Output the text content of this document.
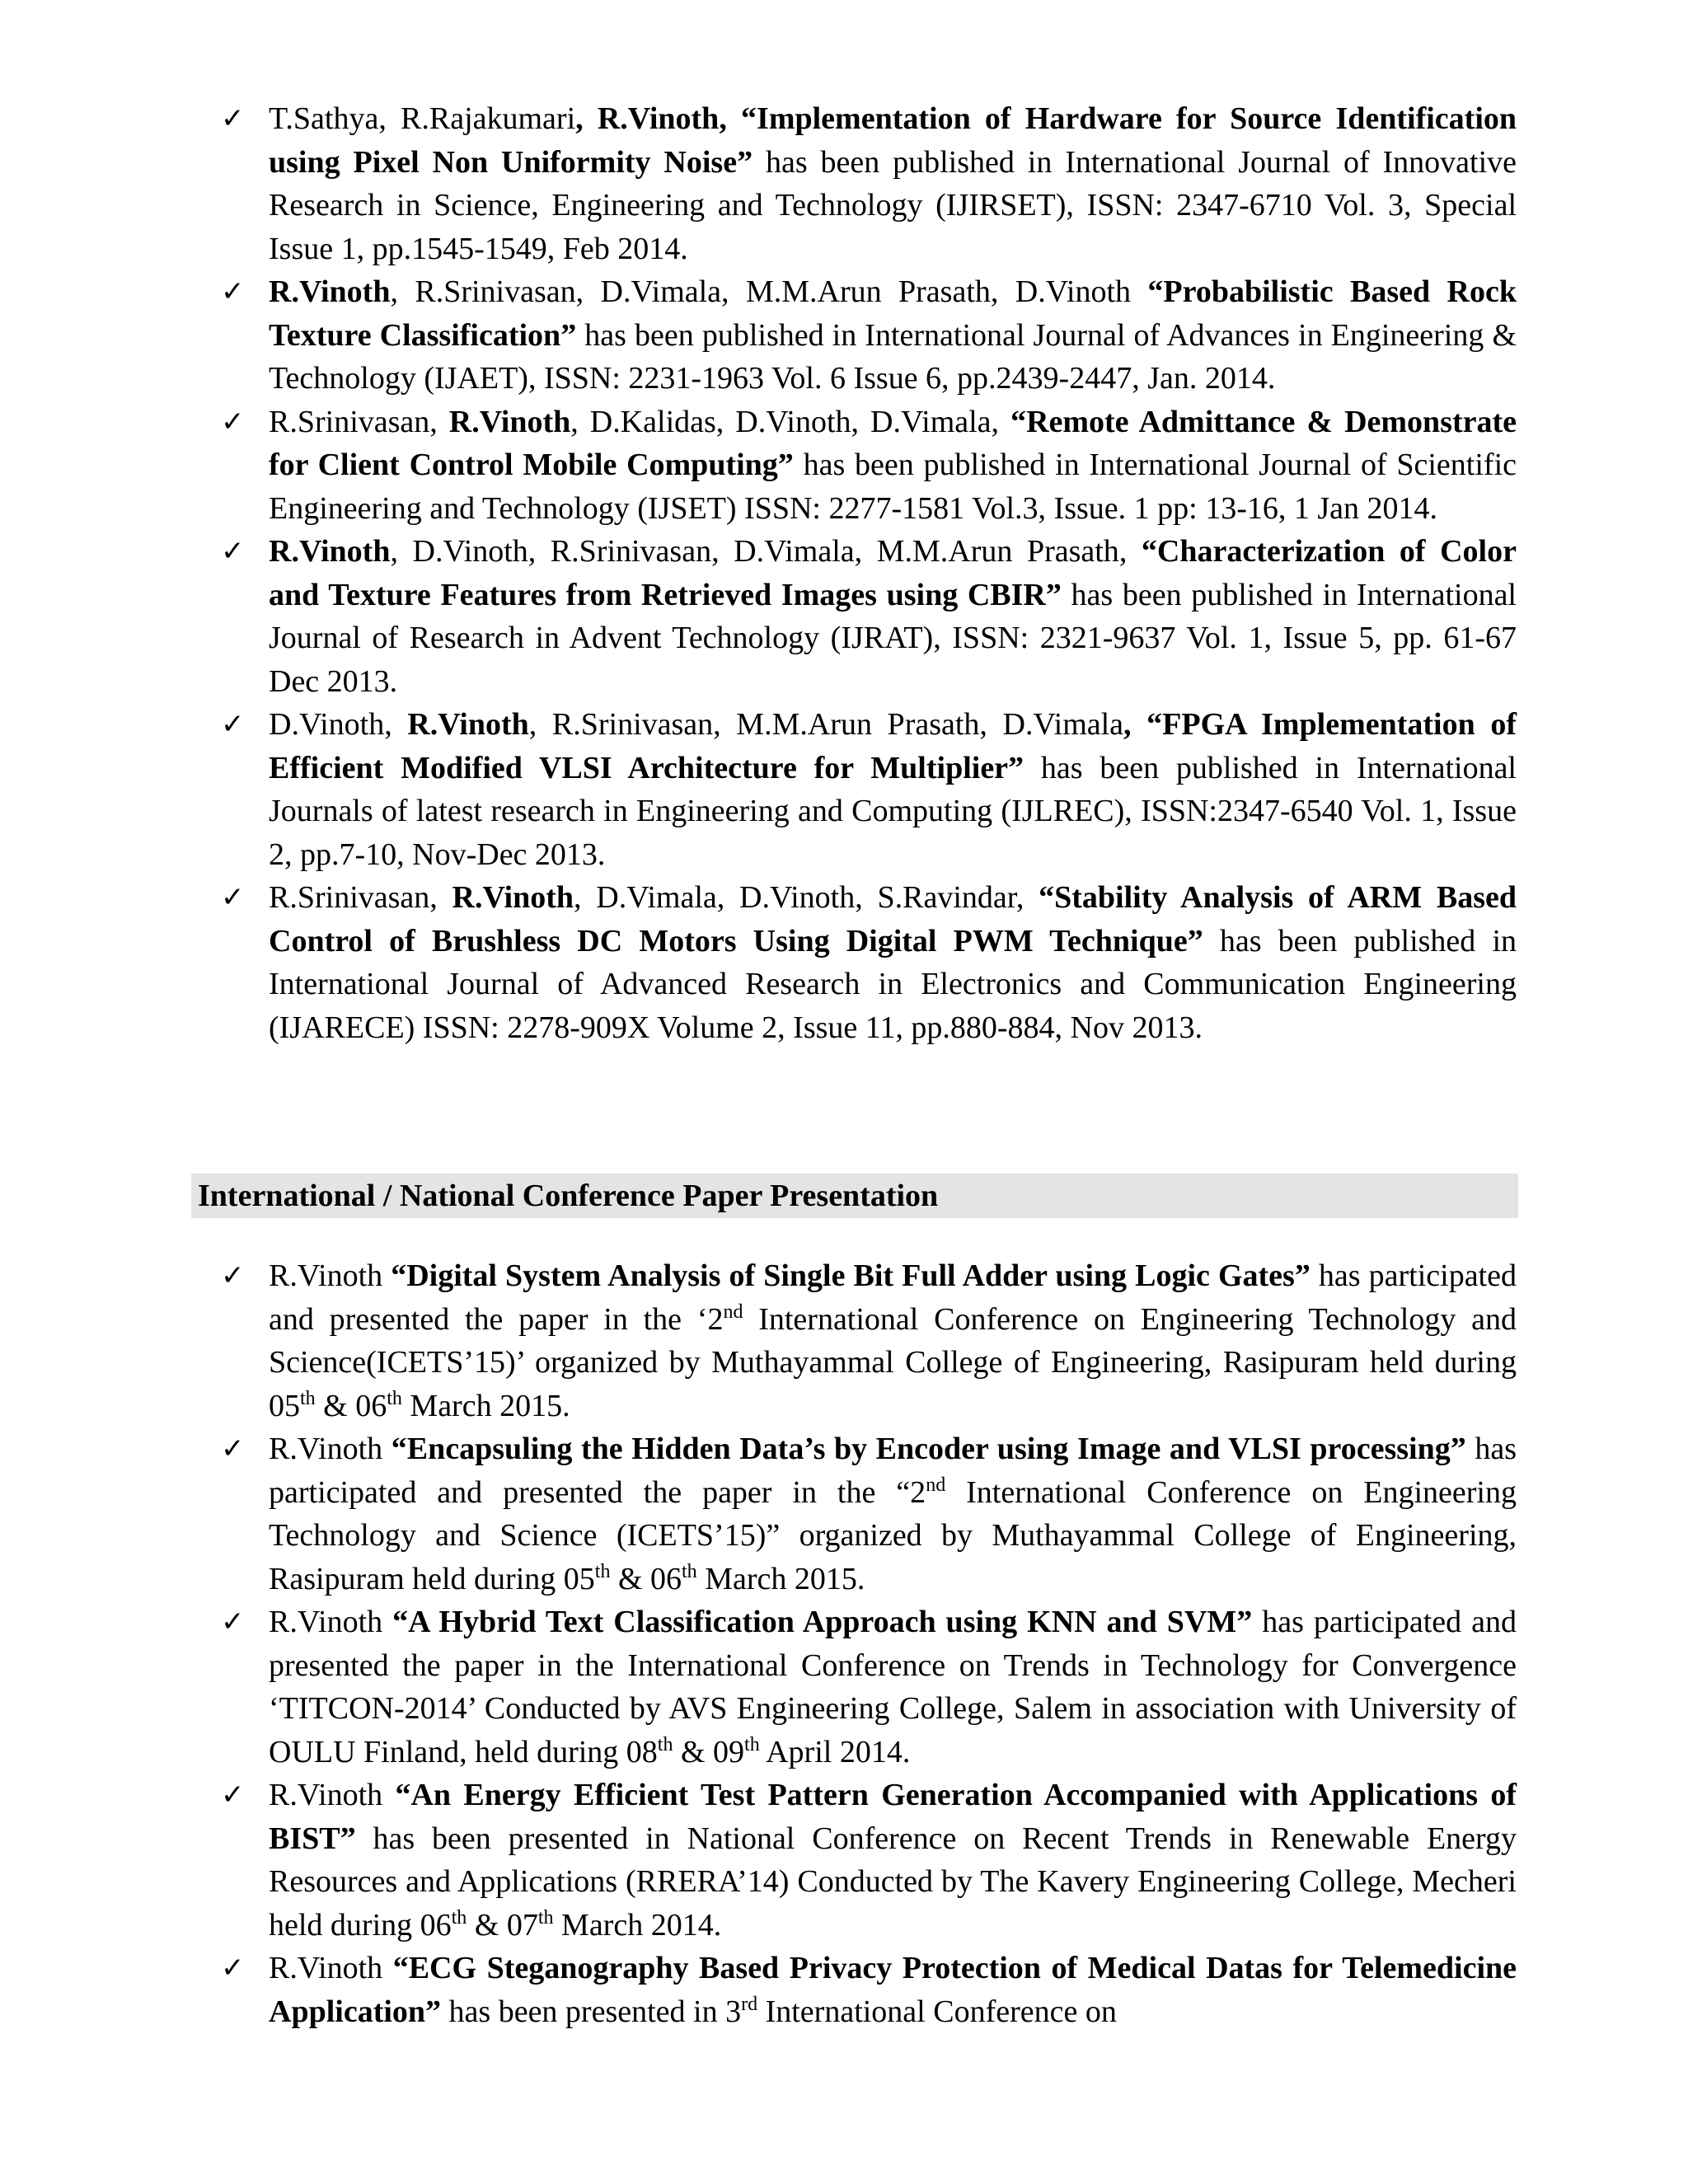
✓ T.Sathya, R.Rajakumari, R.Vinoth, “Implementation of Hardware for Source Identification using Pixel Non Uniformity Noise” has been published in International Journal of Innovative Research in Science, Engineering and Technology (IJIRSET), ISSN: 2347-6710 Vol. 3, Special Issue 1, pp.1545-1549, Feb 2014.
✓ R.Vinoth, R.Srinivasan, D.Vimala, M.M.Arun Prasath, D.Vinoth “Probabilistic Based Rock Texture Classification” has been published in International Journal of Advances in Engineering & Technology (IJAET), ISSN: 2231-1963 Vol. 6 Issue 6, pp.2439-2447, Jan. 2014.
✓ R.Srinivasan, R.Vinoth, D.Kalidas, D.Vinoth, D.Vimala, “Remote Admittance & Demonstrate for Client Control Mobile Computing” has been published in International Journal of Scientific Engineering and Technology (IJSET) ISSN: 2277-1581 Vol.3, Issue. 1 pp: 13-16, 1 Jan 2014.
✓ R.Vinoth, D.Vinoth, R.Srinivasan, D.Vimala, M.M.Arun Prasath, “Characterization of Color and Texture Features from Retrieved Images using CBIR” has been published in International Journal of Research in Advent Technology (IJRAT), ISSN: 2321-9637 Vol. 1, Issue 5, pp. 61-67 Dec 2013.
✓ D.Vinoth, R.Vinoth, R.Srinivasan, M.M.Arun Prasath, D.Vimala, “FPGA Implementation of Efficient Modified VLSI Architecture for Multiplier” has been published in International Journals of latest research in Engineering and Computing (IJLREC), ISSN:2347-6540 Vol. 1, Issue 2, pp.7-10, Nov-Dec 2013.
✓ R.Srinivasan, R.Vinoth, D.Vimala, D.Vinoth, S.Ravindar, “Stability Analysis of ARM Based Control of Brushless DC Motors Using Digital PWM Technique” has been published in International Journal of Advanced Research in Electronics and Communication Engineering (IJARECE) ISSN: 2278-909X Volume 2, Issue 11, pp.880-884, Nov 2013.
International / National Conference Paper Presentation
✓ R.Vinoth “Digital System Analysis of Single Bit Full Adder using Logic Gates” has participated and presented the paper in the ‘2nd International Conference on Engineering Technology and Science(ICETS’15)’ organized by Muthayammal College of Engineering, Rasipuram held during 05th & 06th March 2015.
✓ R.Vinoth “Encapsuling the Hidden Data’s by Encoder using Image and VLSI processing” has participated and presented the paper in the “2nd International Conference on Engineering Technology and Science (ICETS’15)” organized by Muthayammal College of Engineering, Rasipuram held during 05th & 06th March 2015.
✓ R.Vinoth “A Hybrid Text Classification Approach using KNN and SVM” has participated and presented the paper in the International Conference on Trends in Technology for Convergence ‘TITCON-2014’ Conducted by AVS Engineering College, Salem in association with University of OULU Finland, held during 08th & 09th April 2014.
✓ R.Vinoth “An Energy Efficient Test Pattern Generation Accompanied with Applications of BIST” has been presented in National Conference on Recent Trends in Renewable Energy Resources and Applications (RRERA’14) Conducted by The Kavery Engineering College, Mecheri held during 06th & 07th March 2014.
✓ R.Vinoth “ECG Steganography Based Privacy Protection of Medical Datas for Telemedicine Application” has been presented in 3rd International Conference on
